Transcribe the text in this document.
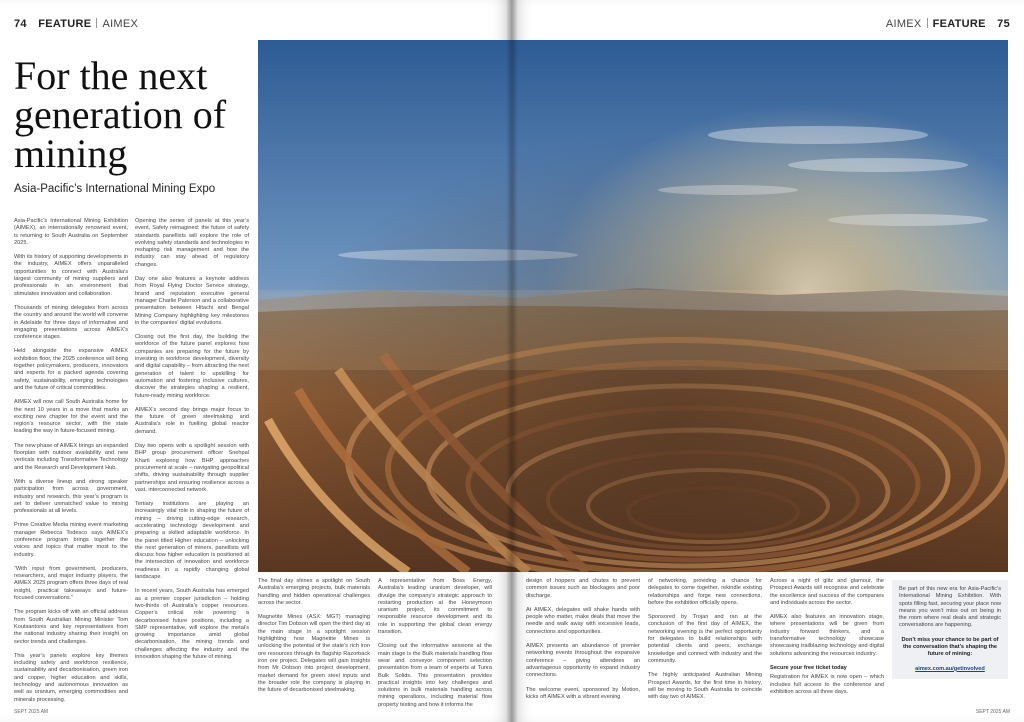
74 FEATURE AIMEX
For the next generation of mining
Asia-Pacific’s International Mining Expo

Asia-Pacific’s International Mining Exhibition (AIMEX), an internationally renowned event, is returning to South Australia on September 2025.

With its history of supporting developments in the industry, AIMEX offers unparalleled opportunities to connect with Australia’s largest community of mining suppliers and professionals in an environment that stimulates innovation and collaboration.

Thousands of mining delegates from across the country and around the world will convene in Adelaide for three days of informative and engaging presentations across AIMEX’s conference stages.

Held alongside the expansive AIMEX exhibition floor, the 2025 conference will bring together policymakers, producers, innovators and experts for a packed agenda covering safety, sustainability, emerging technologies and the future of critical commodities.

AIMEX will now call South Australia home for the next 10 years in a move that marks an exciting new chapter for the event and the region’s resource sector, with the state leading the way in future-focused mining.

The new phase of AIMEX brings an expanded floorplan with outdoor availability and new verticals including Transformative Technology and the Research and Development Hub.

With a diverse lineup and strong speaker participation from across government, industry and research, this year’s program is set to deliver unmatched value to mining professionals at all levels.

Prime Creative Media mining event marketing manager Rebecca Todesco says AIMEX’s conference program brings together the voices and topics that matter most to the industry.

“With input from government, producers, researchers, and major industry players, the AIMEX 2025 program offers three days of real insight, practical takeaways and future-focused conversations.”

The program kicks off with an official address from South Australian Mining Minister Tom Koutsantonis and key representatives from the national industry sharing their insight on sector trends and challenges.

This year’s panels explore key themes including safety and workforce resilience, sustainability and decarbonisation, green iron and copper, higher education and skills, technology and autonomous innovation as well as uranium, emerging commodities and minerals processing.

Opening the series of panels at this year’s event, Safety reimagined: the future of safety standards panellists will explore the role of evolving safety standards and technologies in reshaping risk management and how the industry can stay ahead of regulatory changes.

Day one also features a keynote address from Royal Flying Doctor Service strategy, brand and reputation executive general manager Charlie Paterson and a collaborative presentation between Hitachi and Bengal Mining Company highlighting key milestones in the companies’ digital evolutions.

Closing out the first day, the building the workforce of the future panel explores how companies are preparing for the future by investing in workforce development, diversity and digital capability – from attracting the next generation of talent to upskilling for automation and fostering inclusive cultures, discover the strategies shaping a resilient, future-ready mining workforce.

AIMEX’s second day brings major focus to the future of green steelmaking and Australia’s role in fuelling global reactor demand.

Day two opens with a spotlight session with BHP group procurement officer Snehpal Kharti exploring how BHP approaches procurement at scale – navigating geopolitical shifts, driving sustainability through supplier partnerships and ensuring resilience across a vast, interconnected network.

Tertiary institutions are playing an increasingly vital role in shaping the future of mining – driving cutting-edge research, accelerating technology development and preparing a skilled adaptable workforce. In the panel titled Higher education – unlocking the next generation of miners, panellists will discuss how higher education is positioned at the intersection of innovation and workforce readiness in a rapidly changing global landscape.

In recent years, South Australia has emerged as a premier copper jurisdiction – holding two-thirds of Australia’s copper resources. Copper’s critical role powering a decarbonised future positions, including a SMP representative, will explore the metal’s growing importance amid global decarbonisation, the mining trends and challenges affecting the industry and the innovation shaping the future of mining.

The final day shines a spotlight on South Australia’s emerging projects, bulk materials handling and hidden operational challenges across the sector.

Magnetite Mines (ASX: MGT) managing director Tim Dobson will open the third day at the main stage in a spotlight session highlighting how Magnetite Mines is unlocking the potential of the state’s rich iron ore resources through its flagship Razorback iron ore project. Delegates will gain insights from Mr Dobson into project development, market demand for green steel inputs and the broader role the company is playing in the future of decarbonised steelmaking.

A representative from Boss Energy, Australia’s leading uranium developer, will divulge the company’s strategic approach to restarting production at the Honeymoon uranium project, its commitment to responsible resource development and its role in supporting the global clean energy transition.

Closing out the informative sessions at the main stage is the Bulk materials handling flow wear and conveyor component selection presentation from a team of experts at Tunra Bulk Solids. This presentation provides practical insights into key challenges and solutions in bulk materials handling across mining operations, including material flow property testing and how it informs the

SEPT 2025 AM
AIMEX FEATURE 75

design of hoppers and chutes to prevent common issues such as blockages and poor discharge.

At AIMEX, delegates will shake hands with people who matter, make deals that move the needle and walk away with excessive leads, connections and opportunities.

AIMEX presents an abundance of premier networking events throughout the expansive conference – giving attendees an advantageous opportunity to expand industry connections.

The welcome event, sponsored by Motion, kicks off AIMEX with a vibrant evening

of networking, providing a chance for delegates to come together, rekindle existing relationships and forge new connections, before the exhibition officially opens.

Sponsored by Trojan and ran at the conclusion of the first day of AIMEX, the networking evening is the perfect opportunity for delegates to build relationships with potential clients and peers, exchange knowledge and connect with industry and the community.

The highly anticipated Australian Mining Prospect Awards, for the first time in history, will be moving to South Australia to coincide with day two of AIMEX.

Across a night of glitz and glamour, the Prospect Awards will recognise and celebrate the excellence and success of the companies and individuals across the sector.

AIMEX also features an innovation stage, where presentations will be given from industry forward thinkers, and a transformative technology showcase showcasing trailblazing technology and digital solutions advancing the resources industry.

Secure your free ticket today

Registration for AIMEX is now open – which includes full access to the conference and exhibition across all three days.

Be part of this new era for Asia-Pacific’s International Mining Exhibition. With spots filling fast, securing your place now means you won’t miss out on being in the room where real deals and strategic conversations are happening.

Don’t miss your chance to be part of the conversation that’s shaping the future of mining:

aimex.com.au/getinvolved
SEPT 2025 AM
